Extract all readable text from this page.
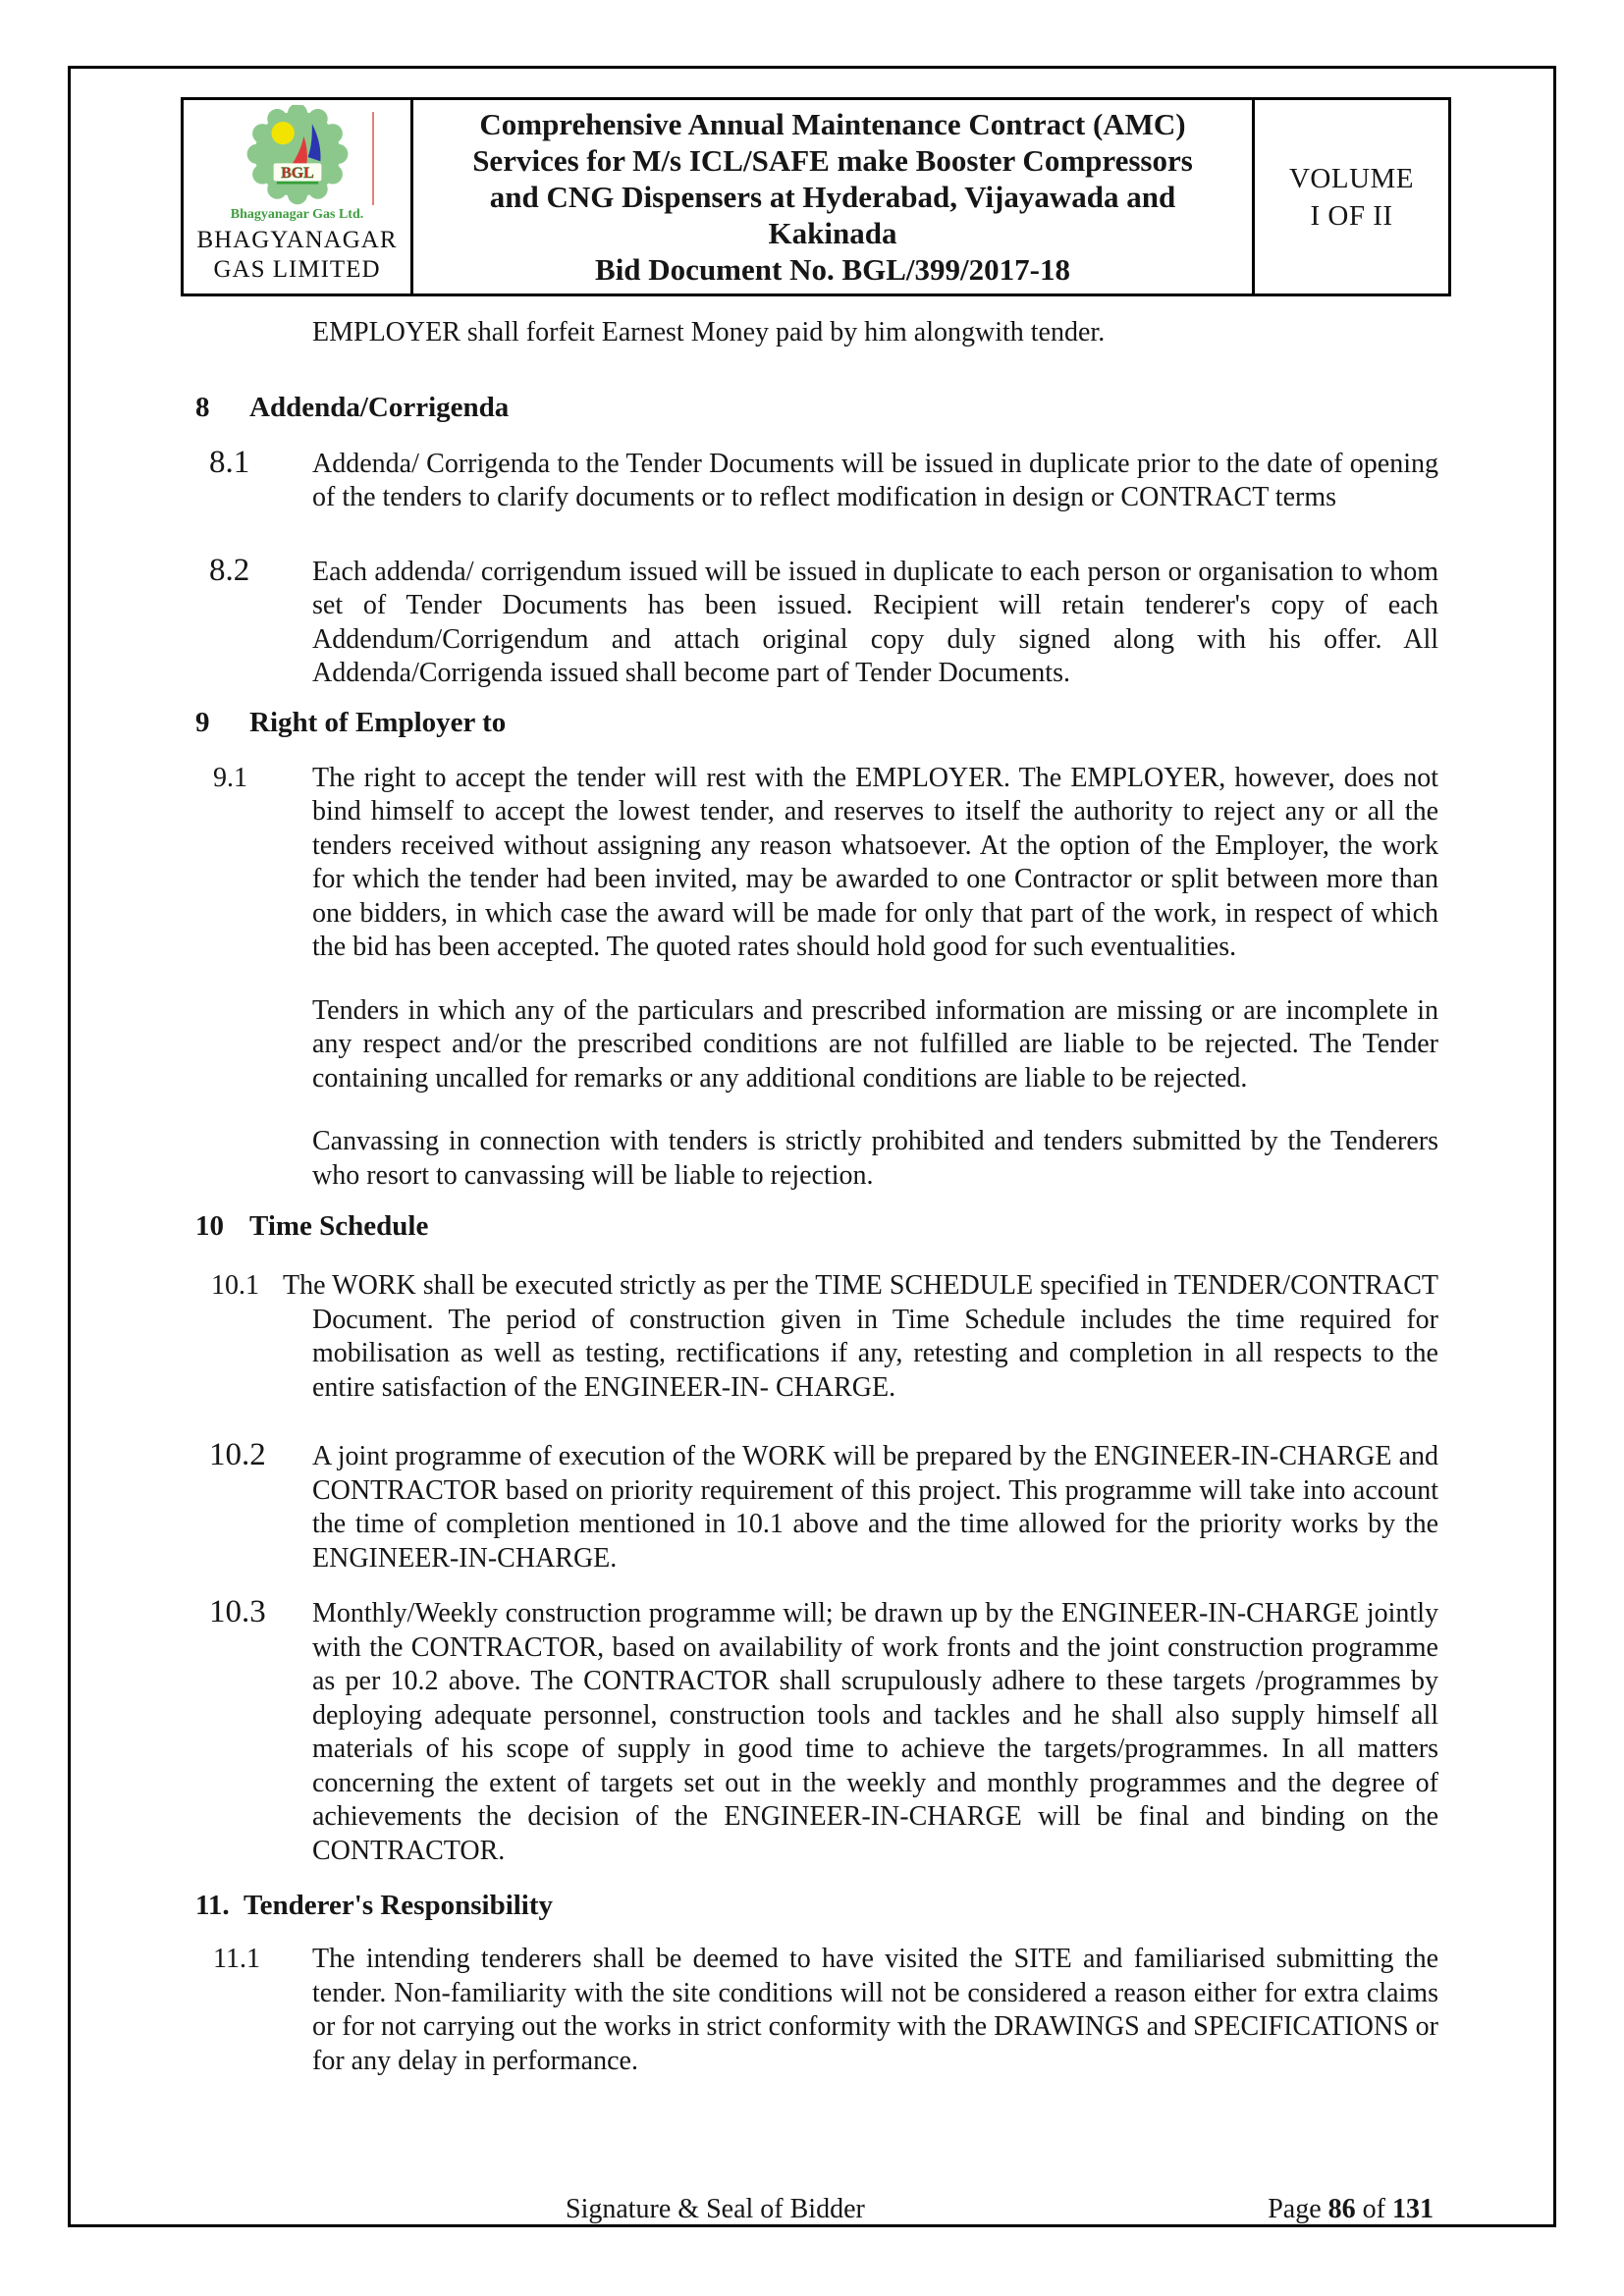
BGL
Bhagyanagar Gas Ltd.
BHAGYANAGAR
GAS LIMITED
Comprehensive Annual Maintenance Contract (AMC)
Services for M/s ICL/SAFE make Booster Compressors
and CNG Dispensers at Hyderabad, Vijayawada and
Kakinada
Bid Document No. BGL/399/2017-18
VOLUME
I OF II

EMPLOYER shall forfeit Earnest Money paid by him alongwith tender.

8	Addenda/Corrigenda

8.1	Addenda/ Corrigenda to the Tender Documents will be issued in duplicate prior to the date of opening of the tenders to clarify documents or to reflect modification in design or CONTRACT terms

8.2	Each addenda/ corrigendum issued will be issued in duplicate to each person or organisation to whom set of Tender Documents has been issued. Recipient will retain tenderer's copy of each Addendum/Corrigendum and attach original copy duly signed along with his offer. All Addenda/Corrigenda issued shall become part of Tender Documents.

9	Right of Employer to

9.1	The right to accept the tender will rest with the EMPLOYER. The EMPLOYER, however, does not bind himself to accept the lowest tender, and reserves to itself the authority to reject any or all the tenders received without assigning any reason whatsoever. At the option of the Employer, the work for which the tender had been invited, may be awarded to one Contractor or split between more than one bidders, in which case the award will be made for only that part of the work, in respect of which the bid has been accepted. The quoted rates should hold good for such eventualities.

Tenders in which any of the particulars and prescribed information are missing or are incomplete in any respect and/or the prescribed conditions are not fulfilled are liable to be rejected. The Tender containing uncalled for remarks or any additional conditions are liable to be rejected.

Canvassing in connection with tenders is strictly prohibited and tenders submitted by the Tenderers who resort to canvassing will be liable to rejection.

10 Time Schedule

10.1 The WORK shall be executed strictly as per the TIME SCHEDULE specified in TENDER/CONTRACT Document. The period of construction given in Time Schedule includes the time required for mobilisation as well as testing, rectifications if any, retesting and completion in all respects to the entire satisfaction of the ENGINEER-IN- CHARGE.

10.2	A joint programme of execution of the WORK will be prepared by the ENGINEER-IN-CHARGE and CONTRACTOR based on priority requirement of this project. This programme will take into account the time of completion mentioned in 10.1 above and the time allowed for the priority works by the ENGINEER-IN-CHARGE.

10.3	Monthly/Weekly construction programme will; be drawn up by the ENGINEER-IN-CHARGE jointly with the CONTRACTOR, based on availability of work fronts and the joint construction programme as per 10.2 above. The CONTRACTOR shall scrupulously adhere to these targets /programmes by deploying adequate personnel, construction tools and tackles and he shall also supply himself all materials of his scope of supply in good time to achieve the targets/programmes. In all matters concerning the extent of targets set out in the weekly and monthly programmes and the degree of achievements the decision of the ENGINEER-IN-CHARGE will be final and binding on the CONTRACTOR.

11. Tenderer's Responsibility

11.1	The intending tenderers shall be deemed to have visited the SITE and familiarised submitting the tender. Non-familiarity with the site conditions will not be considered a reason either for extra claims or for not carrying out the works in strict conformity with the DRAWINGS and SPECIFICATIONS or for any delay in performance.

Signature & Seal of Bidder	Page 86 of 131
